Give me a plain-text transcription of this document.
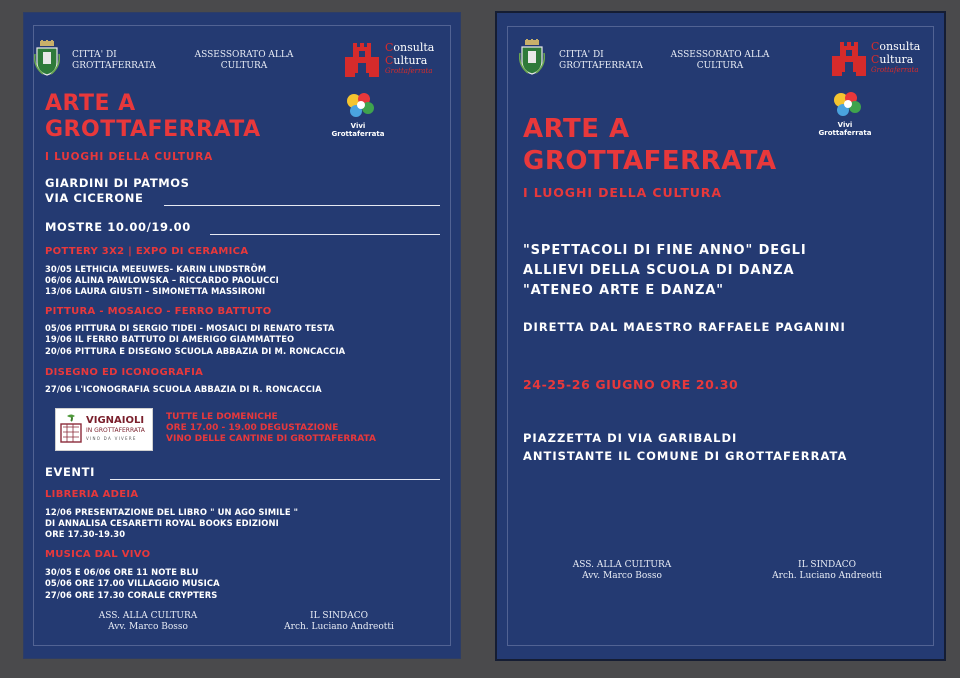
CITTA' DI
GROTTAFERRATA
ASSESSORATO ALLA
CULTURA
Consulta
Cultura
Grottaferrata
Vivi
Grottaferrata
ARTE A
GROTTAFERRATA
I LUOGHI DELLA CULTURA
GIARDINI DI PATMOS
VIA CICERONE
MOSTRE 10.00/19.00
POTTERY 3X2 | EXPO DI CERAMICA
30/05 LETHICIA MEEUWES- KARIN LINDSTRÖM
06/06 ALINA PAWLOWSKA – RICCARDO PAOLUCCI
13/06 LAURA GIUSTI – SIMONETTA MASSIRONI
PITTURA - MOSAICO - FERRO BATTUTO
05/06 PITTURA DI SERGIO TIDEI - MOSAICI DI RENATO TESTA
19/06 IL FERRO BATTUTO DI AMERIGO GIAMMATTEO
20/06 PITTURA E DISEGNO SCUOLA ABBAZIA DI M. RONCACCIA
DISEGNO ED ICONOGRAFIA
27/06 L'ICONOGRAFIA SCUOLA ABBAZIA DI R. RONCACCIA
VIGNAIOLI
IN GROTTAFERRATA
V I N O   D A   V I V E R E
TUTTE LE DOMENICHE
ORE 17.00 - 19.00 DEGUSTAZIONE
VINO DELLE CANTINE DI GROTTAFERRATA
EVENTI
LIBRERIA ADEIA
12/06 PRESENTAZIONE DEL LIBRO " UN AGO SIMILE "
DI ANNALISA CESARETTI ROYAL BOOKS EDIZIONI
ORE 17.30-19.30
MUSICA DAL VIVO
30/05 E 06/06 ORE 11 NOTE BLU
05/06 ORE 17.00 VILLAGGIO MUSICA
27/06 ORE 17.30 CORALE CRYPTERS
ASS. ALLA CULTURA
Avv. Marco Bosso
IL SINDACO
Arch. Luciano Andreotti
CITTA' DI
GROTTAFERRATA
ASSESSORATO ALLA
CULTURA
Consulta
Cultura
Grottaferrata
Vivi
Grottaferrata
ARTE A
GROTTAFERRATA
I LUOGHI DELLA CULTURA
"SPETTACOLI DI FINE ANNO" DEGLI
ALLIEVI DELLA SCUOLA DI DANZA
"ATENEO ARTE E DANZA"
DIRETTA DAL MAESTRO RAFFAELE PAGANINI
24-25-26 GIUGNO ORE 20.30
PIAZZETTA DI VIA GARIBALDI
ANTISTANTE IL COMUNE DI GROTTAFERRATA
ASS. ALLA CULTURA
Avv. Marco Bosso
IL SINDACO
Arch. Luciano Andreotti
